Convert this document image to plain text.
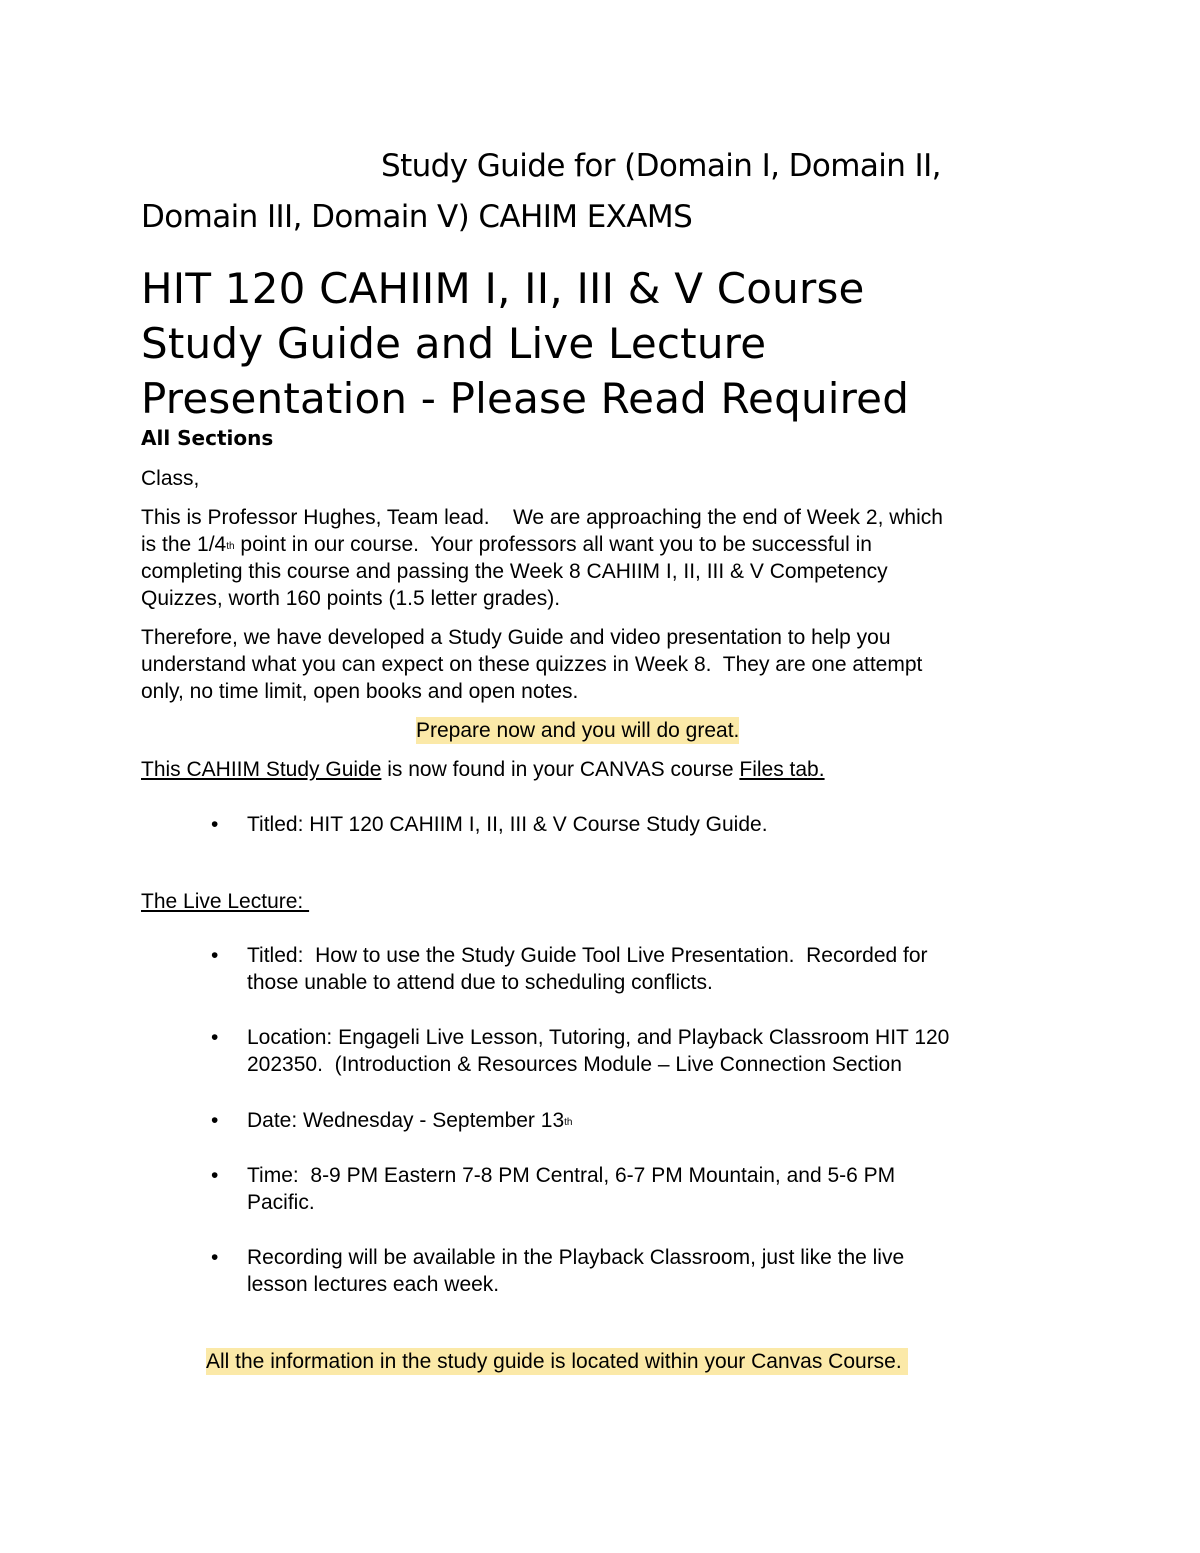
Study Guide for (Domain I, Domain II,
Domain III, Domain V) CAHIM EXAMS
HIT 120 CAHIIM I, II, III & V Course
Study Guide and Live Lecture
Presentation - Please Read Required
All Sections
Class,
This is Professor Hughes, Team lead.    We are approaching the end of Week 2, which
is the 1/4th point in our course.  Your professors all want you to be successful in
completing this course and passing the Week 8 CAHIIM I, II, III & V Competency
Quizzes, worth 160 points (1.5 letter grades).
Therefore, we have developed a Study Guide and video presentation to help you
understand what you can expect on these quizzes in Week 8.  They are one attempt
only, no time limit, open books and open notes.
Prepare now and you will do great.
This CAHIIM Study Guide is now found in your CANVAS course Files tab.
• Titled: HIT 120 CAHIIM I, II, III & V Course Study Guide.
The Live Lecture:
• Titled:  How to use the Study Guide Tool Live Presentation.  Recorded for
those unable to attend due to scheduling conflicts.
• Location: Engageli Live Lesson, Tutoring, and Playback Classroom HIT 120
202350.  (Introduction & Resources Module – Live Connection Section
• Date: Wednesday - September 13th
• Time:  8-9 PM Eastern 7-8 PM Central, 6-7 PM Mountain, and 5-6 PM
Pacific.
• Recording will be available in the Playback Classroom, just like the live
lesson lectures each week.
All the information in the study guide is located within your Canvas Course.
